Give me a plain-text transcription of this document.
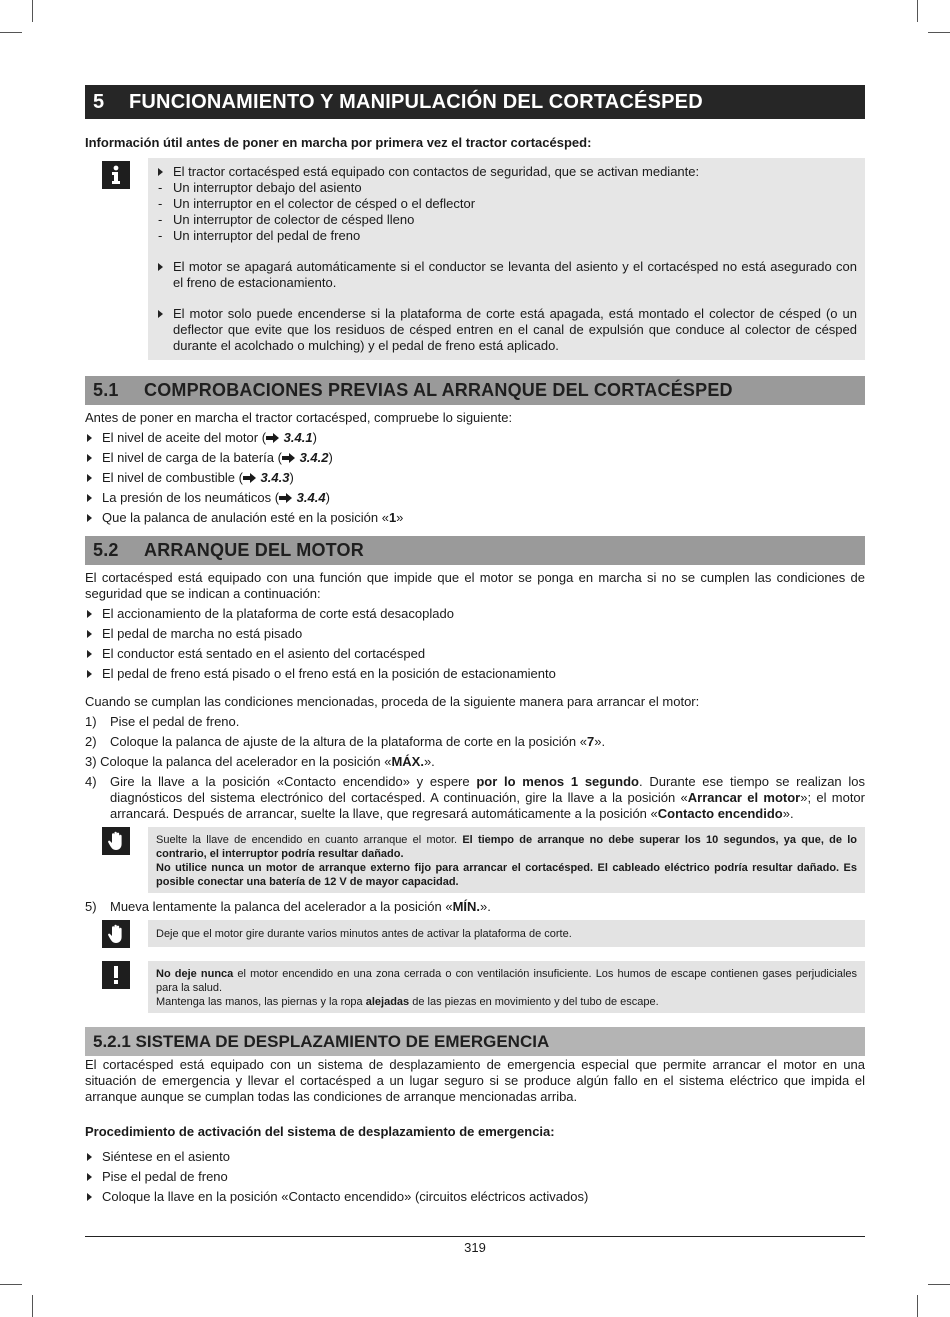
5 FUNCIONAMIENTO Y MANIPULACIÓN DEL CORTACÉSPED

Información útil antes de poner en marcha por primera vez el tractor cortacésped:

El tractor cortacésped está equipado con contactos de seguridad, que se activan mediante:
- Un interruptor debajo del asiento
- Un interruptor en el colector de césped o el deflector
- Un interruptor de colector de césped lleno
- Un interruptor del pedal de freno
El motor se apagará automáticamente si el conductor se levanta del asiento y el cortacésped no está asegurado con el freno de estacionamiento.
El motor solo puede encenderse si la plataforma de corte está apagada, está montado el colector de césped (o un deflector que evite que los residuos de césped entren en el canal de expulsión que conduce al colector de césped durante el acolchado o mulching) y el pedal de freno está aplicado.
5.1 COMPROBACIONES PREVIAS AL ARRANQUE DEL CORTACÉSPED

Antes de poner en marcha el tractor cortacésped, compruebe lo siguiente:

El nivel de aceite del motor ( 3.4.1)
El nivel de carga de la batería ( 3.4.2)
El nivel de combustible ( 3.4.3)
La presión de los neumáticos ( 3.4.4)
Que la palanca de anulación esté en la posición «1»
5.2 ARRANQUE DEL MOTOR

El cortacésped está equipado con una función que impide que el motor se ponga en marcha si no se cumplen las condiciones de seguridad que se indican a continuación:

El accionamiento de la plataforma de corte está desacoplado
El pedal de marcha no está pisado
El conductor está sentado en el asiento del cortacésped
El pedal de freno está pisado o el freno está en la posición de estacionamiento

Cuando se cumplan las condiciones mencionadas, proceda de la siguiente manera para arrancar el motor:

1) Pise el pedal de freno.
2) Coloque la palanca de ajuste de la altura de la plataforma de corte en la posición «7».
3) Coloque la palanca del acelerador en la posición «MÁX.».
4) Gire la llave a la posición «Contacto encendido» y espere por lo menos 1 segundo. Durante ese tiempo se realizan los diagnósticos del sistema electrónico del cortacésped. A continuación, gire la llave a la posición «Arrancar el motor»; el motor arrancará. Después de arrancar, suelte la llave, que regresará automáticamente a la posición «Contacto encendido».
Suelte la llave de encendido en cuanto arranque el motor. El tiempo de arranque no debe superar los 10 segundos, ya que, de lo contrario, el interruptor podría resultar dañado.
No utilice nunca un motor de arranque externo fijo para arrancar el cortacésped. El cableado eléctrico podría resultar dañado. Es posible conectar una batería de 12 V de mayor capacidad.
5) Mueva lentamente la palanca del acelerador a la posición «MÍN.».
Deje que el motor gire durante varios minutos antes de activar la plataforma de corte.
No deje nunca el motor encendido en una zona cerrada o con ventilación insuficiente. Los humos de escape contienen gases perjudiciales para la salud.
Mantenga las manos, las piernas y la ropa alejadas de las piezas en movimiento y del tubo de escape.
5.2.1 SISTEMA DE DESPLAZAMIENTO DE EMERGENCIA

El cortacésped está equipado con un sistema de desplazamiento de emergencia especial que permite arrancar el motor en una situación de emergencia y llevar el cortacésped a un lugar seguro si se produce algún fallo en el sistema eléctrico que impida el arranque aunque se cumplan todas las condiciones de arranque mencionadas arriba.

Procedimiento de activación del sistema de desplazamiento de emergencia:

Siéntese en el asiento
Pise el pedal de freno
Coloque la llave en la posición «Contacto encendido» (circuitos eléctricos activados)
319
